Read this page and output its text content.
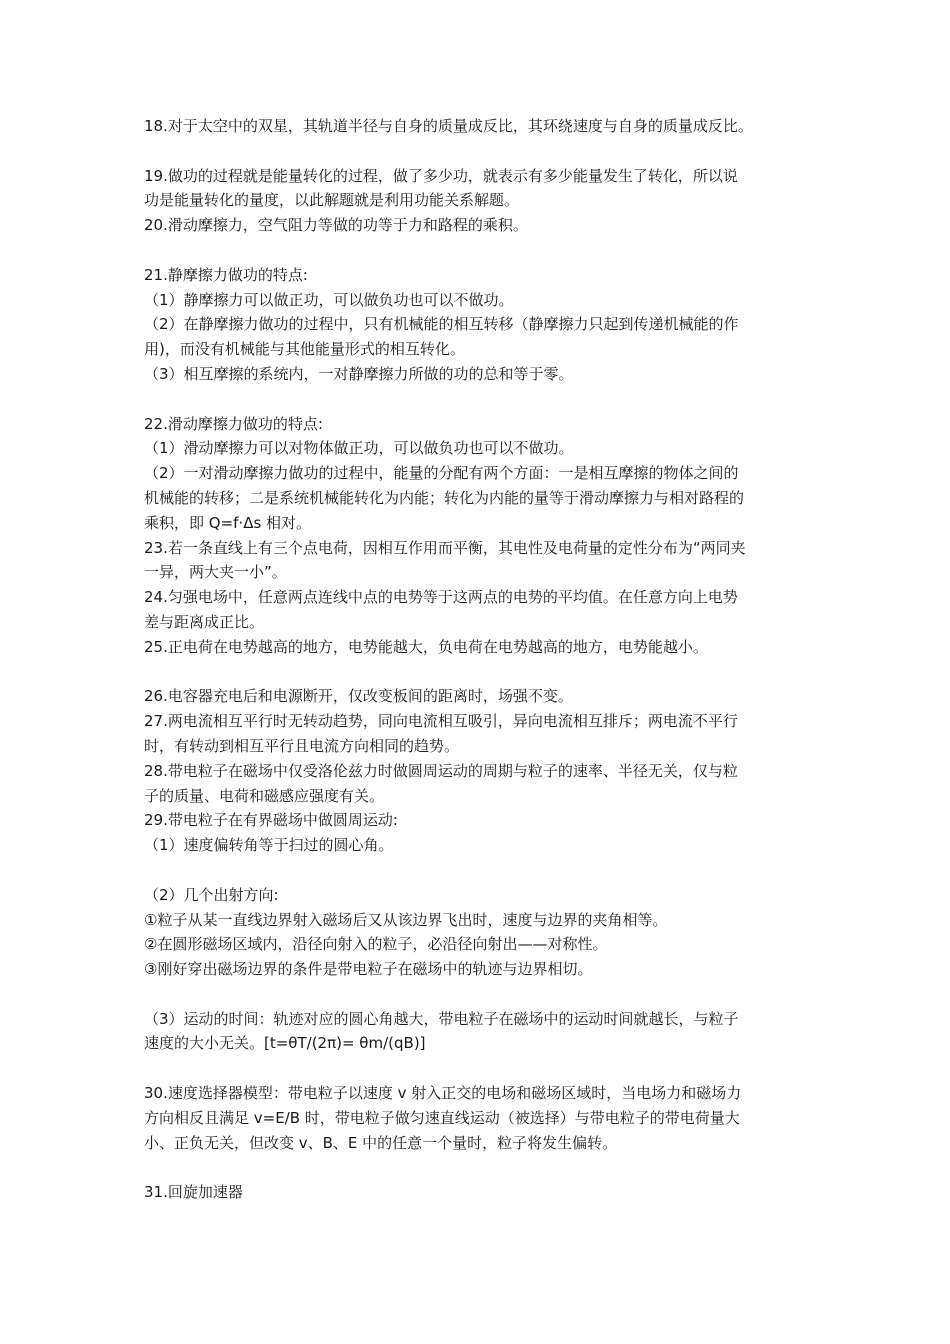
18.对于太空中的双星，其轨道半径与自身的质量成反比，其环绕速度与自身的质量成反比。
19.做功的过程就是能量转化的过程，做了多少功，就表示有多少能量发生了转化，所以说
功是能量转化的量度，以此解题就是利用功能关系解题。
20.滑动摩擦力，空气阻力等做的功等于力和路程的乘积。
21.静摩擦力做功的特点:
（1）静摩擦力可以做正功，可以做负功也可以不做功。
（2）在静摩擦力做功的过程中，只有机械能的相互转移（静摩擦力只起到传递机械能的作
用)，而没有机械能与其他能量形式的相互转化。
（3）相互摩擦的系统内，一对静摩擦力所做的功的总和等于零。
22.滑动摩擦力做功的特点:
（1）滑动摩擦力可以对物体做正功，可以做负功也可以不做功。
（2）一对滑动摩擦力做功的过程中，能量的分配有两个方面：一是相互摩擦的物体之间的
机械能的转移；二是系统机械能转化为内能；转化为内能的量等于滑动摩擦力与相对路程的
乘积，即 Q=f·Δs 相对。
23.若一条直线上有三个点电荷，因相互作用而平衡，其电性及电荷量的定性分布为“两同夹
一异，两大夹一小”。
24.匀强电场中，任意两点连线中点的电势等于这两点的电势的平均值。在任意方向上电势
差与距离成正比。
25.正电荷在电势越高的地方，电势能越大，负电荷在电势越高的地方，电势能越小。
26.电容器充电后和电源断开，仅改变板间的距离时，场强不变。
27.两电流相互平行时无转动趋势，同向电流相互吸引，异向电流相互排斥；两电流不平行
时，有转动到相互平行且电流方向相同的趋势。
28.带电粒子在磁场中仅受洛伦兹力时做圆周运动的周期与粒子的速率、半径无关，仅与粒
子的质量、电荷和磁感应强度有关。
29.带电粒子在有界磁场中做圆周运动:
（1）速度偏转角等于扫过的圆心角。
（2）几个出射方向:
①粒子从某一直线边界射入磁场后又从该边界飞出时，速度与边界的夹角相等。
②在圆形磁场区域内，沿径向射入的粒子，必沿径向射出——对称性。
③刚好穿出磁场边界的条件是带电粒子在磁场中的轨迹与边界相切。
（3）运动的时间：轨迹对应的圆心角越大，带电粒子在磁场中的运动时间就越长，与粒子
速度的大小无关。[t=θT/(2π)= θm/(qB)]
30.速度选择器模型：带电粒子以速度 v 射入正交的电场和磁场区域时，当电场力和磁场力
方向相反且满足 v=E/B 时，带电粒子做匀速直线运动（被选择）与带电粒子的带电荷量大
小、正负无关，但改变 v、B、E 中的任意一个量时，粒子将发生偏转。
31.回旋加速器
